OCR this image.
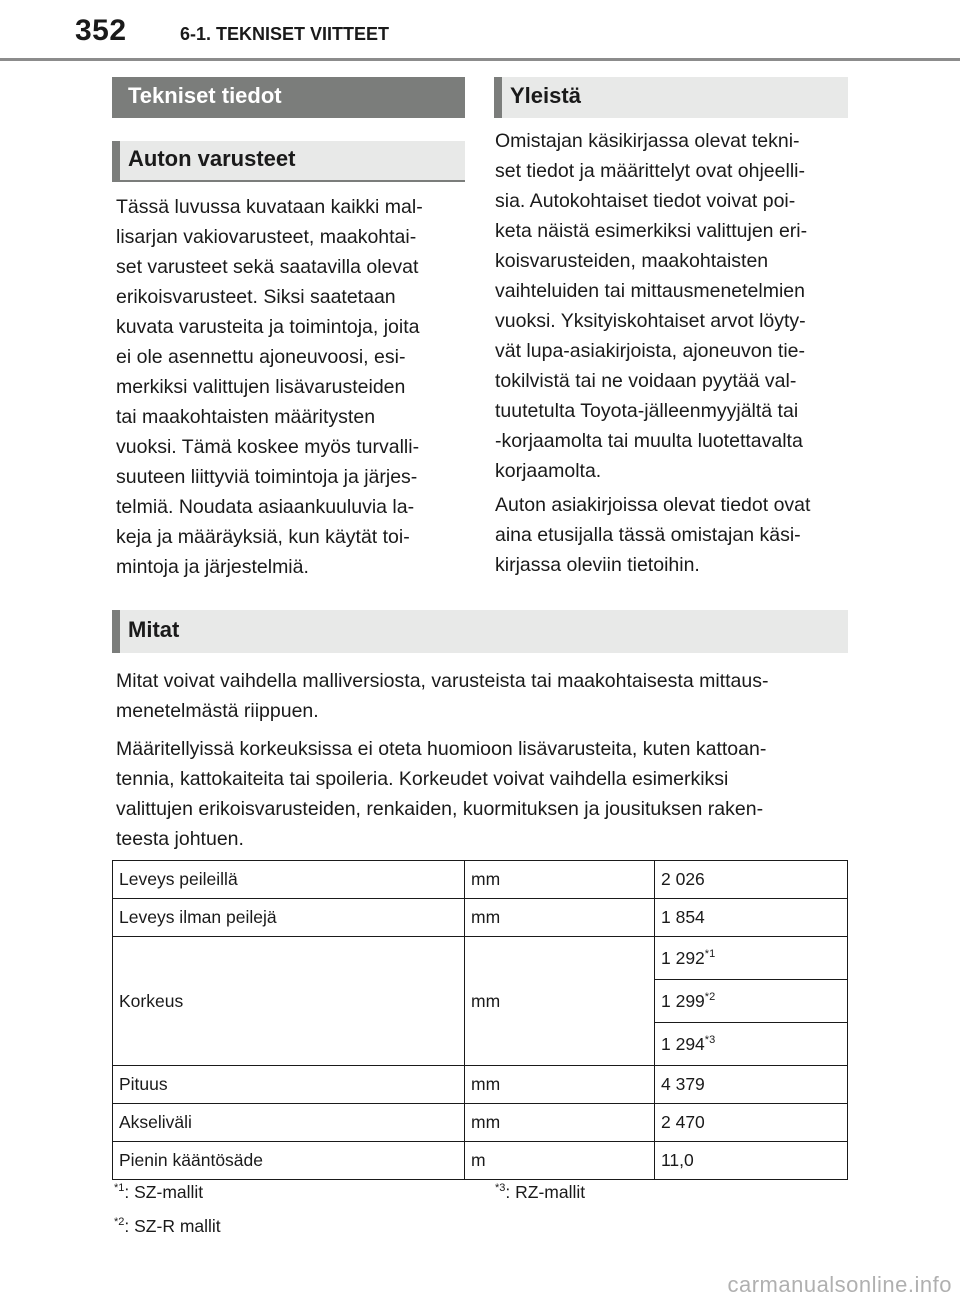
352	6-1. TEKNISET VIITTEET
Tekniset tiedot
Auton varusteet
Tässä luvussa kuvataan kaikki mal-
lisarjan vakiovarusteet, maakohtai-
set varusteet sekä saatavilla olevat
erikoisvarusteet. Siksi saatetaan
kuvata varusteita ja toimintoja, joita
ei ole asennettu ajoneuvoosi, esi-
merkiksi valittujen lisävarusteiden
tai maakohtaisten määritysten
vuoksi. Tämä koskee myös turvalli-
suuteen liittyviä toimintoja ja järjes-
telmiä. Noudata asiaankuuluvia la-
keja ja määräyksiä, kun käytät toi-
mintoja ja järjestelmiä.
Yleistä
Omistajan käsikirjassa olevat tekni-
set tiedot ja määrittelyt ovat ohjeelli-
sia. Autokohtaiset tiedot voivat poi-
keta näistä esimerkiksi valittujen eri-
koisvarusteiden, maakohtaisten
vaihteluiden tai mittausmenetelmien
vuoksi. Yksityiskohtaiset arvot löyty-
vät lupa-asiakirjoista, ajoneuvon tie-
tokilvistä tai ne voidaan pyytää val-
tuutetulta Toyota-jälleenmyyjältä tai
-korjaamolta tai muulta luotettavalta
korjaamolta.
Auton asiakirjoissa olevat tiedot ovat
aina etusijalla tässä omistajan käsi-
kirjassa oleviin tietoihin.
Mitat
Mitat voivat vaihdella malliversiosta, varusteista tai maakohtaisesta mittaus-
menetelmästä riippuen.
Määritellyissä korkeuksissa ei oteta huomioon lisävarusteita, kuten kattoan-
tennia, kattokaiteita tai spoileria. Korkeudet voivat vaihdella esimerkiksi
valittujen erikoisvarusteiden, renkaiden, kuormituksen ja jousituksen raken-
teesta johtuen.
Leveys peileillä	mm	2 026
Leveys ilman peilejä	mm	1 854
Korkeus	mm	1 292$^{*1}$
		1 299$^{*2}$
		1 294$^{*3}$
Pituus	mm	4 379
Akseliväli	mm	2 470
Pienin kääntösäde	m	11,0
$^{*1}$: SZ-mallit	$^{*3}$: RZ-mallit
$^{*2}$: SZ-R mallit
carmanualsonline.info
